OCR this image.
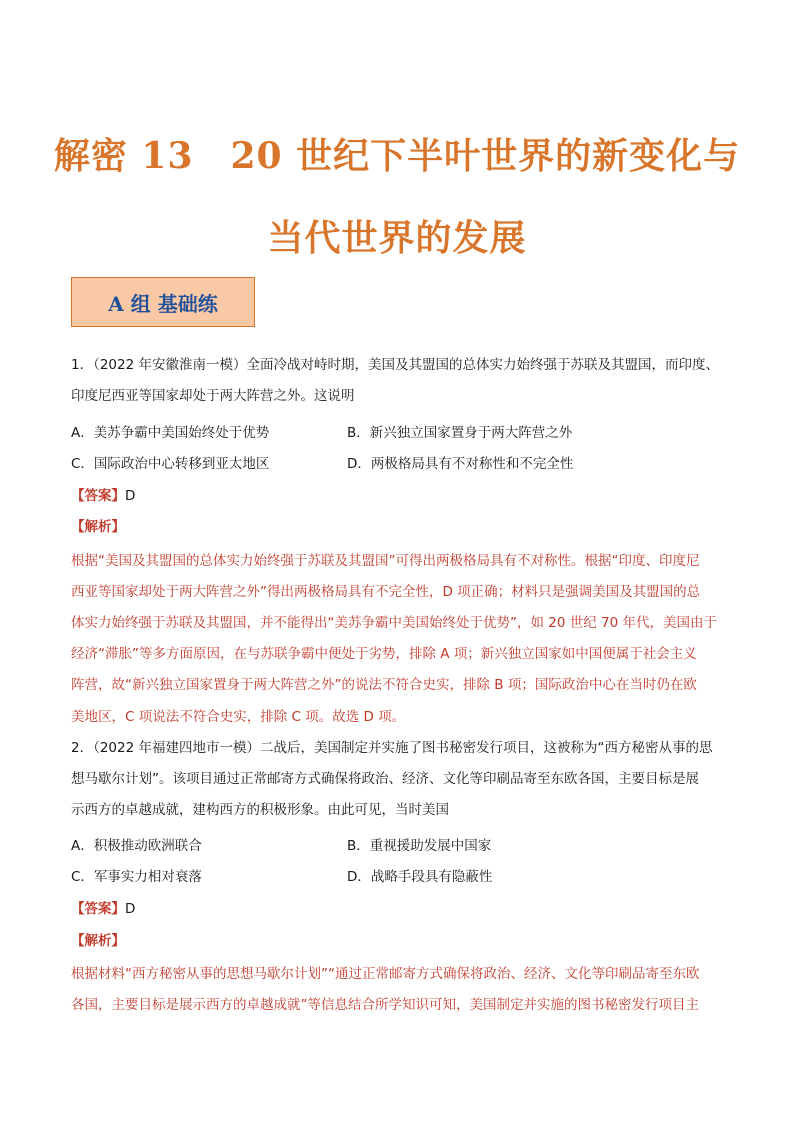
解密 13　20 世纪下半叶世界的新变化与
当代世界的发展
A 组 基础练
1．（2022 年安徽淮南一模）全面冷战对峙时期，美国及其盟国的总体实力始终强于苏联及其盟国，而印度、
印度尼西亚等国家却处于两大阵营之外。这说明
A．美苏争霸中美国始终处于优势	B．新兴独立国家置身于两大阵营之外
C．国际政治中心转移到亚太地区	D．两极格局具有不对称性和不完全性
【答案】D
【解析】
根据“美国及其盟国的总体实力始终强于苏联及其盟国”可得出两极格局具有不对称性。根据“印度、印度尼
西亚等国家却处于两大阵营之外”得出两极格局具有不完全性，D 项正确；材料只是强调美国及其盟国的总
体实力始终强于苏联及其盟国，并不能得出“美苏争霸中美国始终处于优势”，如 20 世纪 70 年代，美国由于
经济“滞胀”等多方面原因，在与苏联争霸中便处于劣势，排除 A 项；新兴独立国家如中国便属于社会主义
阵营，故“新兴独立国家置身于两大阵营之外”的说法不符合史实，排除 B 项；国际政治中心在当时仍在欧
美地区，C 项说法不符合史实，排除 C 项。故选 D 项。
2．（2022 年福建四地市一模）二战后，美国制定并实施了图书秘密发行项目，这被称为“西方秘密从事的思
想马歇尔计划”。该项目通过正常邮寄方式确保将政治、经济、文化等印刷品寄至东欧各国，主要目标是展
示西方的卓越成就，建构西方的积极形象。由此可见，当时美国
A．积极推动欧洲联合	B．重视援助发展中国家
C．军事实力相对衰落	D．战略手段具有隐蔽性
【答案】D
【解析】
根据材料“西方秘密从事的思想马歇尔计划”“通过正常邮寄方式确保将政治、经济、文化等印刷品寄至东欧
各国，主要目标是展示西方的卓越成就”等信息结合所学知识可知，美国制定并实施的图书秘密发行项目主
